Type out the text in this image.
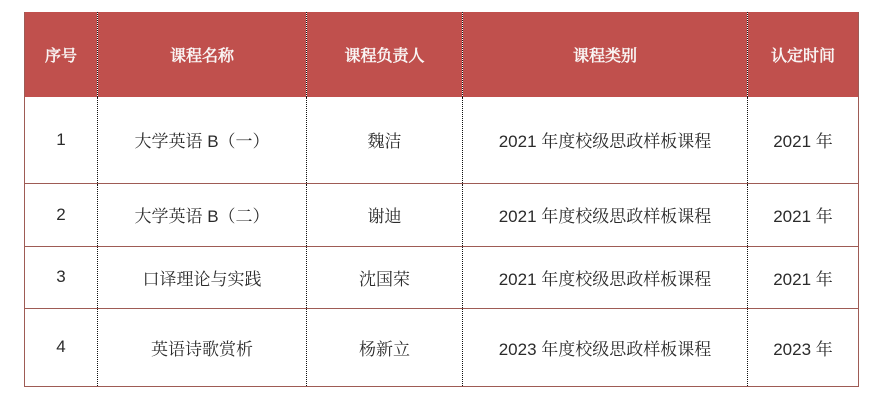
序号	课程名称	课程负责人	课程类别	认定时间
1	大学英语 B（一）	魏洁	2021 年度校级思政样板课程	2021 年
2	大学英语 B（二）	谢迪	2021 年度校级思政样板课程	2021 年
3	口译理论与实践	沈国荣	2021 年度校级思政样板课程	2021 年
4	英语诗歌赏析	杨新立	2023 年度校级思政样板课程	2023 年
